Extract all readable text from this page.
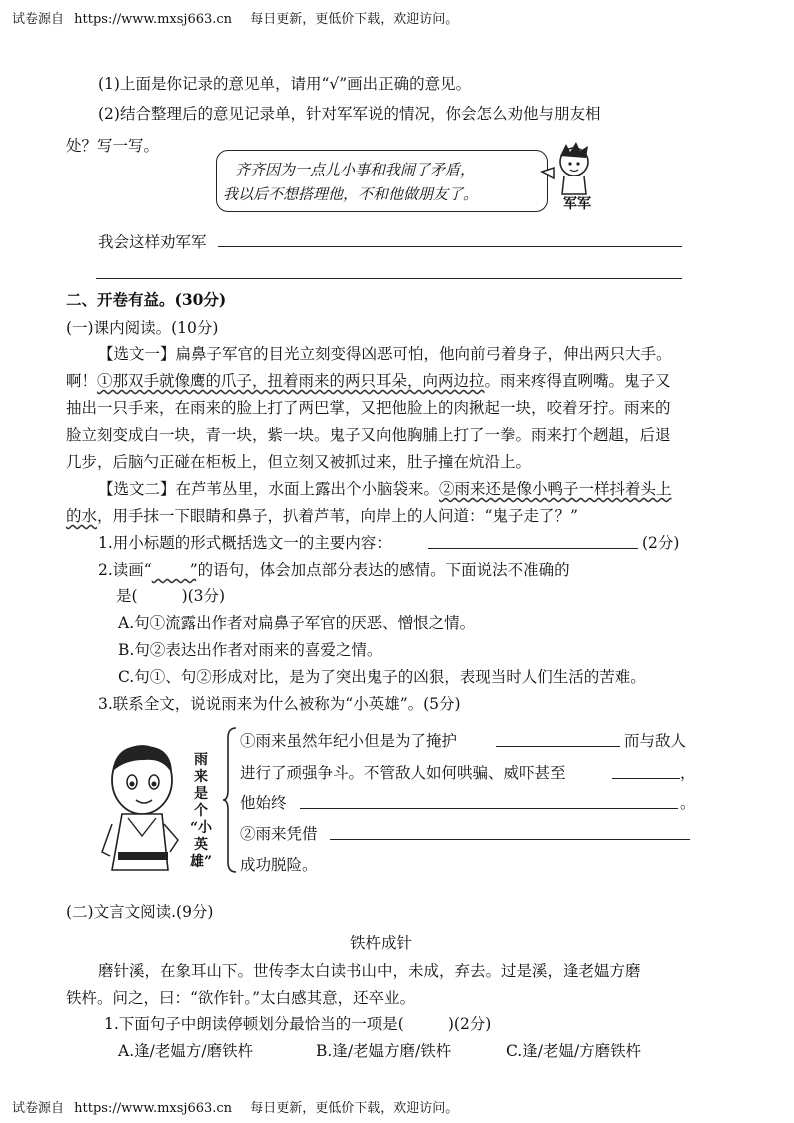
试卷源自 https://www.mxsj663.cn 每日更新，更低价下载，欢迎访问。
(1)上面是你记录的意见单，请用“√”画出正确的意见。
(2)结合整理后的意见记录单，针对军军说的情况，你会怎么劝他与朋友相
处？写一写。
齐齐因为一点儿小事和我闹了矛盾，
我以后不想搭理他，不和他做朋友了。
军军
我会这样劝军军
二、开卷有益。(30分)
(一)课内阅读。(10分)
【选文一】扁鼻子军官的目光立刻变得凶恶可怕，他向前弓着身子，伸出两只大手。
啊！①那双手就像鹰的爪子，扭着雨来的两只耳朵，向两边拉。雨来疼得直咧嘴。鬼子又
抽出一只手来，在雨来的脸上打了两巴掌，又把他脸上的肉揪起一块，咬着牙拧。雨来的
脸立刻变成白一块，青一块，紫一块。鬼子又向他胸脯上打了一拳。雨来打个趔趄，后退
几步，后脑勺正碰在柜板上，但立刻又被抓过来，肚子撞在炕沿上。
【选文二】在芦苇丛里，水面上露出个小脑袋来。②雨来还是像小鸭子一样抖着头上
的水，用手抹一下眼睛和鼻子，扒着芦苇，向岸上的人问道：“鬼子走了？”
1.用小标题的形式概括选文一的主要内容：	(2分)
2.读画“​         ”的语句，体会加点部分表达的感情。下面说法不准确的
是(	)(3分)
A.句①流露出作者对扁鼻子军官的厌恶、憎恨之情。
B.句②表达出作者对雨来的喜爱之情。
C.句①、句②形成对比，是为了突出鬼子的凶狠，表现当时人们生活的苦难。
3.联系全文，说说雨来为什么被称为“小英雄”。(5分)
雨
来
是
个
“小
英
雄”
①雨来虽然年纪小但是为了掩护	而与敌人
进行了顽强争斗。不管敌人如何哄骗、威吓甚至	，
他始终	。
②雨来凭借
成功脱险。
(二)文言文阅读.(9分)
铁杵成针
磨针溪，在象耳山下。世传李太白读书山中，未成，弃去。过是溪，逢老媪方磨
铁杵。问之，曰：“欲作针。”太白感其意，还卒业。
1.下面句子中朗读停顿划分最恰当的一项是(	)(2分)
A.逢/老媪方/磨铁杵	B.逢/老媪方磨/铁杵	C.逢/老媪/方磨铁杵
试卷源自 https://www.mxsj663.cn 每日更新，更低价下载，欢迎访问。
